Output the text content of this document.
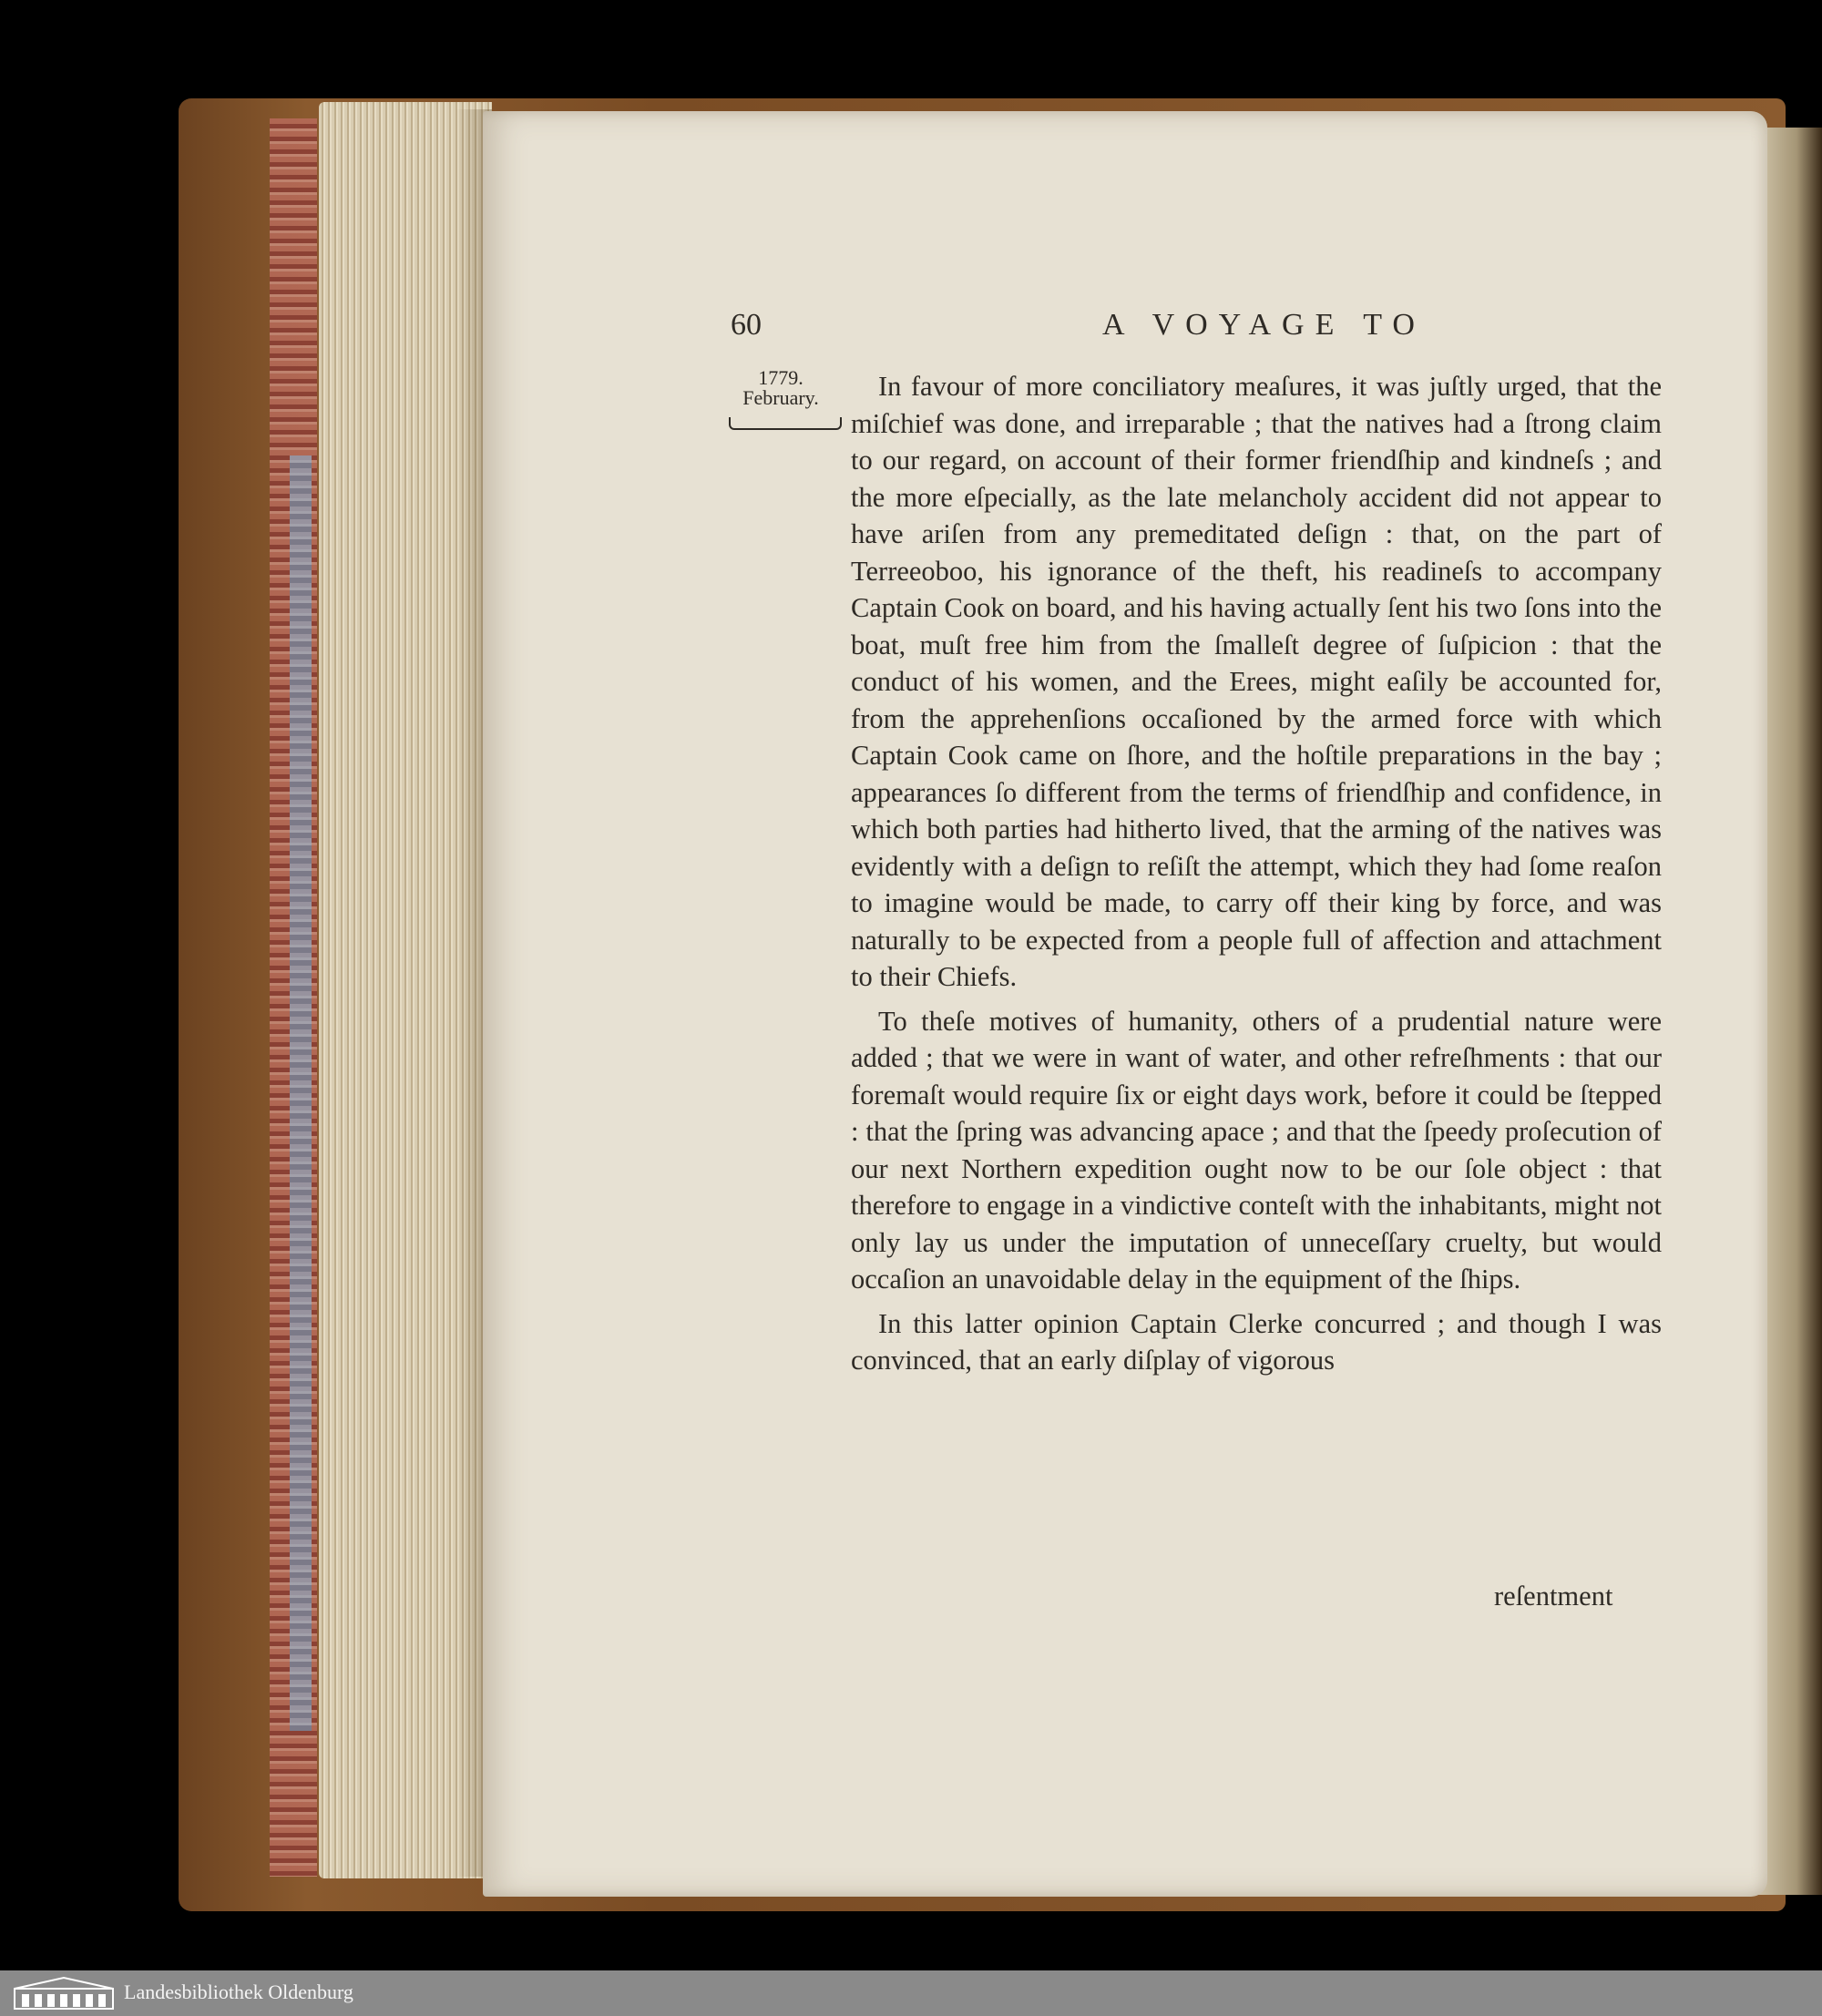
60	A VOYAGE TO
1779.
February.	In favour of more conciliatory meaſures, it was juſtly urged, that the miſchief was done, and irreparable ; that the natives had a ſtrong claim to our regard, on account of their former friendſhip and kindneſs ; and the more eſpecially, as the late melancholy accident did not appear to have ariſen from any premeditated deſign : that, on the part of Terreeoboo, his ignorance of the theft, his readineſs to accompany Captain Cook on board, and his having actually ſent his two ſons into the boat, muſt free him from the ſmalleſt degree of ſuſpicion : that the conduct of his women, and the Erees, might eaſily be accounted for, from the apprehenſions occaſioned by the armed force with which Captain Cook came on ſhore, and the hoſtile preparations in the bay ; appearances ſo different from the terms of friendſhip and confidence, in which both parties had hitherto lived, that the arming of the natives was evidently with a deſign to reſiſt the attempt, which they had ſome reaſon to imagine would be made, to carry off their king by force, and was naturally to be expected from a people full of affection and attachment to their Chiefs.

To theſe motives of humanity, others of a prudential nature were added ; that we were in want of water, and other refreſhments : that our foremaſt would require ſix or eight days work, before it could be ſtepped : that the ſpring was advancing apace ; and that the ſpeedy proſecution of our next Northern expedition ought now to be our ſole object : that therefore to engage in a vindictive conteſt with the inhabitants, might not only lay us under the imputation of unneceſſary cruelty, but would occaſion an unavoidable delay in the equipment of the ſhips.

In this latter opinion Captain Clerke concurred ; and though I was convinced, that an early diſplay of vigorous

reſentment
Landesbibliothek Oldenburg
